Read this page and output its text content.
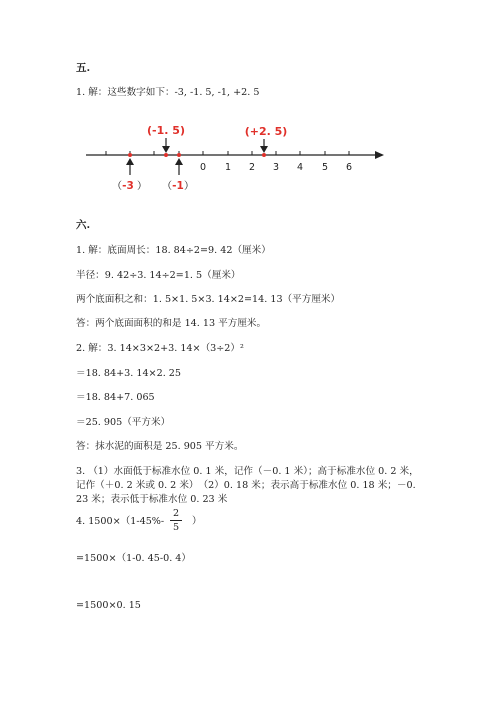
五.
1. 解：这些数字如下：-3, -1. 5, -1, +2. 5
0 1 2 3 4 5 6
(-1. 5)	(+2. 5)
（ -3 ） （ -1 ）
六.
1. 解：底面周长：18. 84÷2=9. 42（厘米）
半径：9. 42÷3. 14÷2=1. 5（厘米）
两个底面积之和：1. 5×1. 5×3. 14×2=14. 13（平方厘米）
答：两个底面面积的和是 14. 13 平方厘米。
2. 解：3. 14×3×2+3. 14×（3÷2）²
＝18. 84+3. 14×2. 25
＝18. 84+7. 065
＝25. 905（平方米）
答：抹水泥的面积是 25. 905 平方米。
3. （1）水面低于标准水位 0. 1 米，记作（－0. 1 米）；高于标准水位 0. 2 米，记作（＋0. 2 米或 0. 2 米）　（2）0. 18 米；表示高于标准水位 0. 18 米；－0. 23 米；表示低于标准水位 0. 23 米
4. 1500×（1-45%-
2
5
）
=1500×（1-0. 45-0. 4）
=1500×0. 15
